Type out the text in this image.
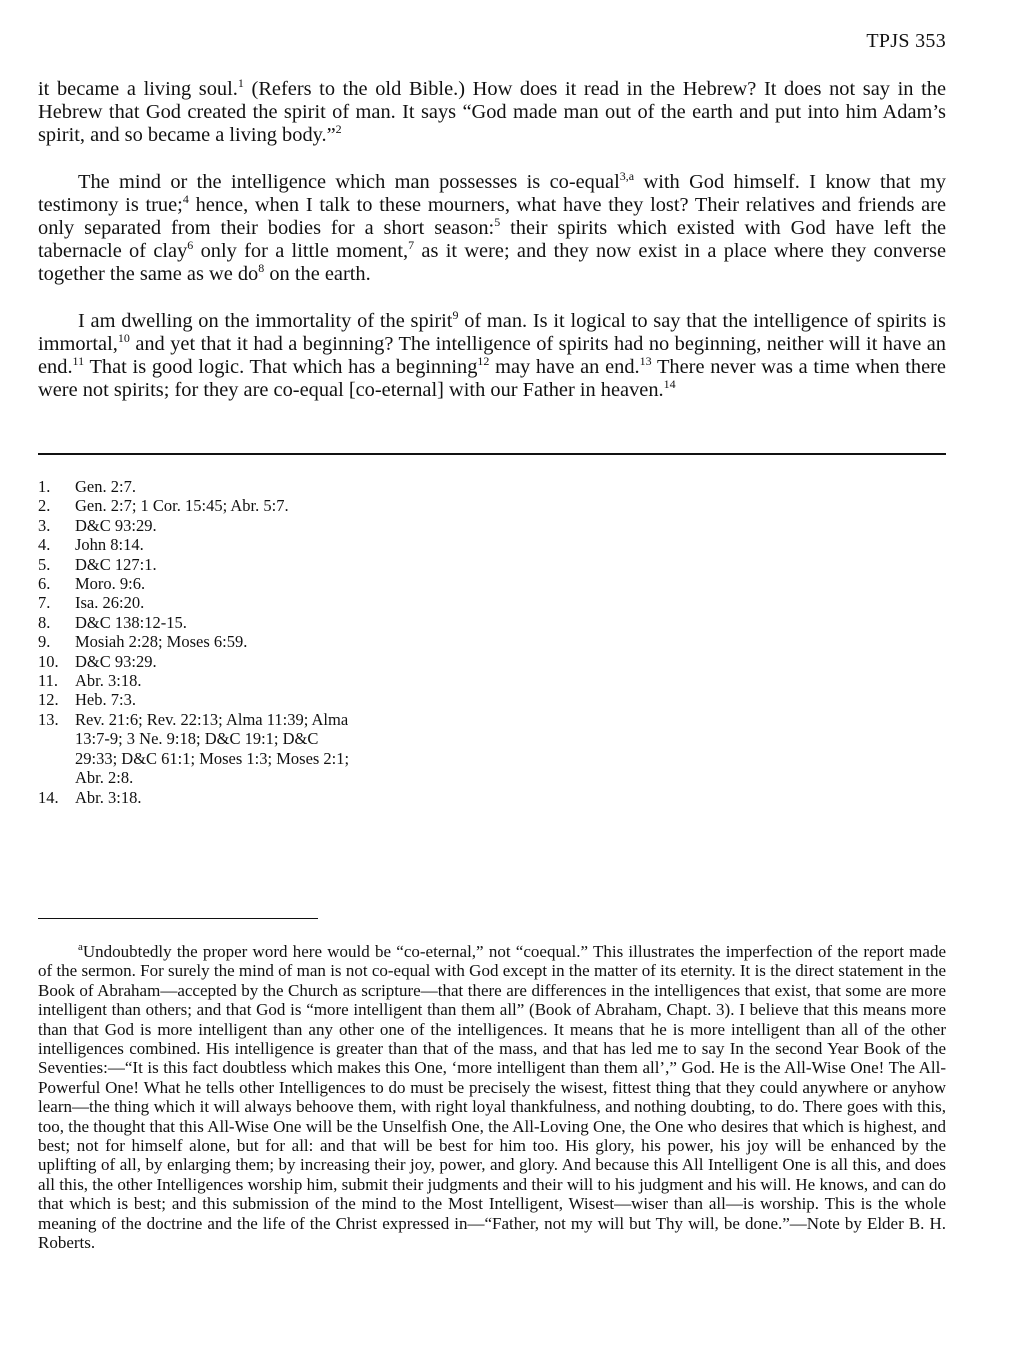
TPJS 353

it became a living soul.$^1$ (Refers to the old Bible.) How does it read in the Hebrew? It does not say in the Hebrew that God created the spirit of man. It says “God made man out of the earth and put into him Adam’s spirit, and so became a living body.”$^2$

The mind or the intelligence which man possesses is co-equal$^{3,a}$ with God himself. I know that my testimony is true;$^4$ hence, when I talk to these mourners, what have they lost? Their relatives and friends are only separated from their bodies for a short season:$^5$ their spirits which existed with God have left the tabernacle of clay$^6$ only for a little moment,$^7$ as it were; and they now exist in a place where they converse together the same as we $do^8$ on the earth.

I am dwelling on the immortality of the spirit$^9$ of man. Is it logical to say that the intelligence of spirits is immortal,$^{10}$ and yet that it had a beginning? The intelligence of spirits had no beginning, neither will it have an end.$^{11}$ That is good logic. That which has a beginning$^{12}$ may have an end.$^{13}$ There never was a time when there were not spirits; for they are co-equal [co-eternal] with our Father in heaven.$^{14}$

1.	Gen. 2:7.
2.	Gen. 2:7; 1 Cor. 15:45; Abr. 5:7.
3.	D&C 93:29.
4.	John 8:14.
5.	D&C 127:1.
6.	Moro. 9:6.
7.	Isa. 26:20.
8.	D&C 138:12-15.
9.	Mosiah 2:28; Moses 6:59.
10. D&C 93:29.
11.	Abr. 3:18.
12. Heb. 7:3.
13. Rev. 21:6; Rev. 22:13; Alma 11:39; Alma 13:7-9; 3 Ne. 9:18; D&C 19:1; D&C 29:33; D&C 61:1; Moses 1:3; Moses 2:1; Abr. 2:8.
14. Abr. 3:18.

$^a$Undoubtedly the proper word here would be “co-eternal,” not “coequal.” This illustrates the imperfection of the report made of the sermon. For surely the mind of man is not co-equal with God except in the matter of its eternity. It is the direct statement in the Book of Abraham—accepted by the Church as scripture—that there are differences in the intelligences that exist, that some are more intelligent than others; and that God is “more intelligent than them all” (Book of Abraham, Chapt. 3). I believe that this means more than that God is more intelligent than any other one of the intelligences. It means that he is more intelligent than all of the other intelligences combined. His intelligence is greater than that of the mass, and that has led me to say In the second Year Book of the Seventies:—“It is this fact doubtless which makes this One, ‘more intelligent than them all’,” God. He is the All-Wise One! The All-Powerful One! What he tells other Intelligences to do must be precisely the wisest, fittest thing that they could anywhere or anyhow learn—the thing which it will always behoove them, with right loyal thankfulness, and nothing doubting, to do. There goes with this, too, the thought that this All-Wise One will be the Unselfish One, the All-Loving One, the One who desires that which is highest, and best; not for himself alone, but for all: and that will be best for him too. His glory, his power, his joy will be enhanced by the uplifting of all, by enlarging them; by increasing their joy, power, and glory. And because this All Intelligent One is all this, and does all this, the other Intelligences worship him, submit their judgments and their will to his judgment and his will. He knows, and can do that which is best; and this submission of the mind to the Most Intelligent, Wisest—wiser than all—is worship. This is the whole meaning of the doctrine and the life of the Christ expressed in—“Father, not my will but Thy will, be done.”—Note by Elder B. H. Roberts.
